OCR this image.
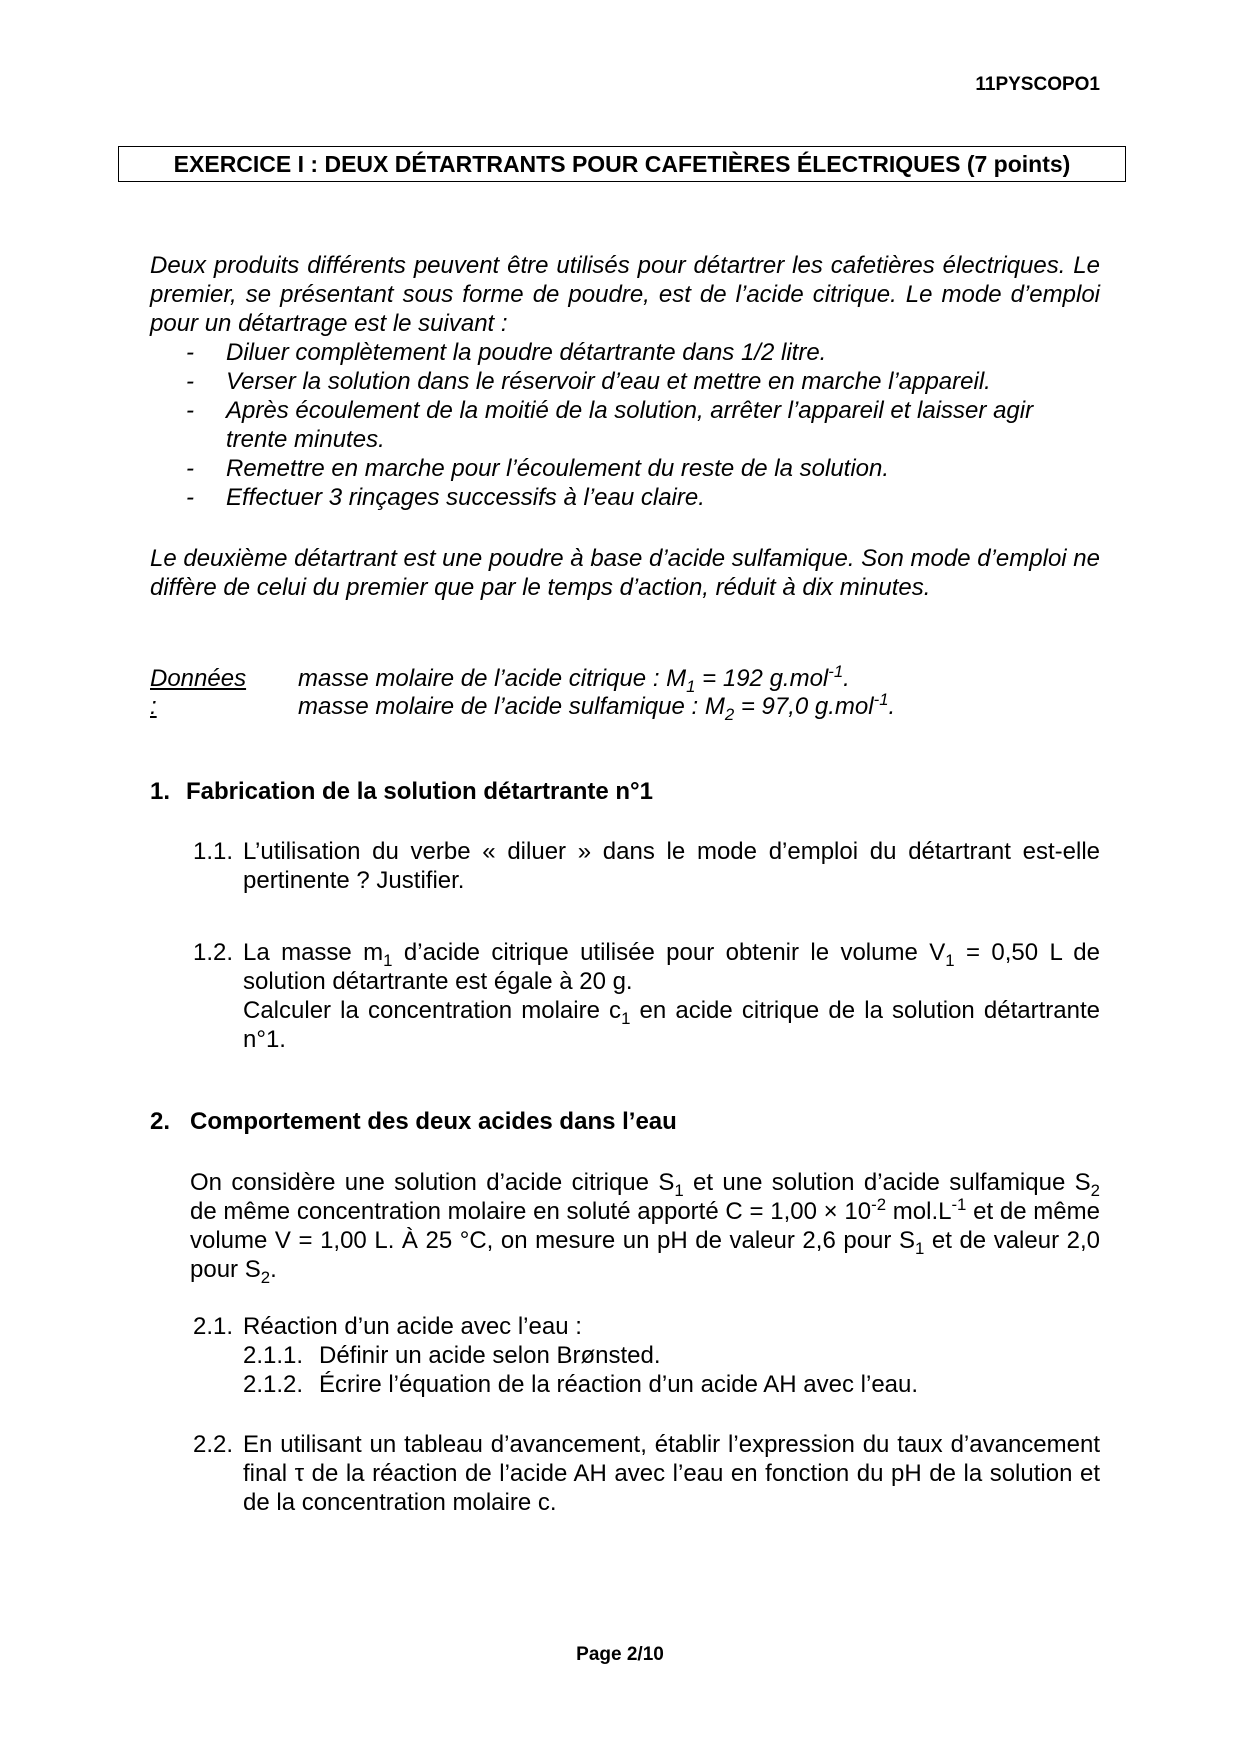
11PYSCOPO1
EXERCICE I : DEUX DÉTARTRANTS POUR CAFETIÈRES ÉLECTRIQUES (7 points)

Deux produits différents peuvent être utilisés pour détartrer les cafetières électriques. Le premier, se présentant sous forme de poudre, est de l’acide citrique. Le mode d’emploi pour un détartrage est le suivant :

- Diluer complètement la poudre détartrante dans 1/2 litre.
- Verser la solution dans le réservoir d’eau et mettre en marche l’appareil.
- Après écoulement de la moitié de la solution, arrêter l’appareil et laisser agir trente minutes.
- Remettre en marche pour l’écoulement du reste de la solution.
- Effectuer 3 rinçages successifs à l’eau claire.
Le deuxième détartrant est une poudre à base d’acide sulfamique. Son mode d’emploi ne diffère de celui du premier que par le temps d’action, réduit à dix minutes.
Données :
masse molaire de l’acide citrique : $M_1 = 192$ g.mol$^{-1}$.
masse molaire de l’acide sulfamique : $M_2 = 97,0$ g.mol$^{-1}$.
1. Fabrication de la solution détartrante n°1
1.1. L’utilisation du verbe « diluer » dans le mode d’emploi du détartrant est-elle pertinente ? Justifier.
1.2. La masse $m_1$ d’acide citrique utilisée pour obtenir le volume $V_1 = 0,50$ L de solution détartrante est égale à 20 g.
Calculer la concentration molaire $c_1$ en acide citrique de la solution détartrante n°1.
2. Comportement des deux acides dans l’eau
On considère une solution d’acide citrique $S_1$ et une solution d’acide sulfamique $S_2$ de même concentration molaire en soluté apporté $C = 1,00 \times 10^{-2}$ $mol.L^{-1}$ et de même volume V = 1,00 L. À 25 °C, on mesure un pH de valeur 2,6 pour $S_1$ et de valeur 2,0 pour $S_2$.
2.1. Réaction d’un acide avec l’eau :
2.1.1. Définir un acide selon Brønsted.
2.1.2. Écrire l’équation de la réaction d’un acide AH avec l’eau.
2.2. En utilisant un tableau d’avancement, établir l’expression du taux d’avancement final τ de la réaction de l’acide AH avec l’eau en fonction du pH de la solution et de la concentration molaire c.
Page 2/10
